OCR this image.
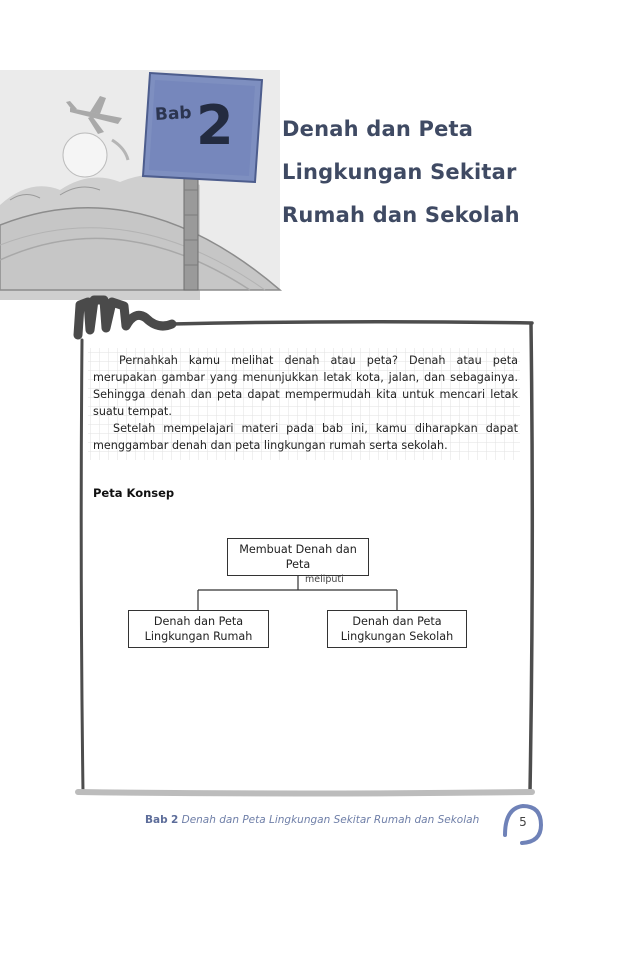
Bab 2 Denah dan Peta
Lingkungan Sekitar
Rumah dan Sekolah

Pernahkah kamu melihat denah atau peta? Denah atau peta merupakan gambar yang menunjukkan letak kota, jalan, dan sebagainya. Sehingga denah dan peta dapat mempermudah kita untuk mencari letak suatu tempat.

Setelah mempelajari materi pada bab ini, kamu diharapkan dapat menggambar denah dan peta lingkungan rumah serta sekolah.

Peta Konsep
Membuat Denah dan Peta
meliputi
Denah dan Peta Lingkungan Rumah
Denah dan Peta Lingkungan Sekolah
Bab 2 Denah dan Peta Lingkungan Sekitar Rumah dan Sekolah	5
